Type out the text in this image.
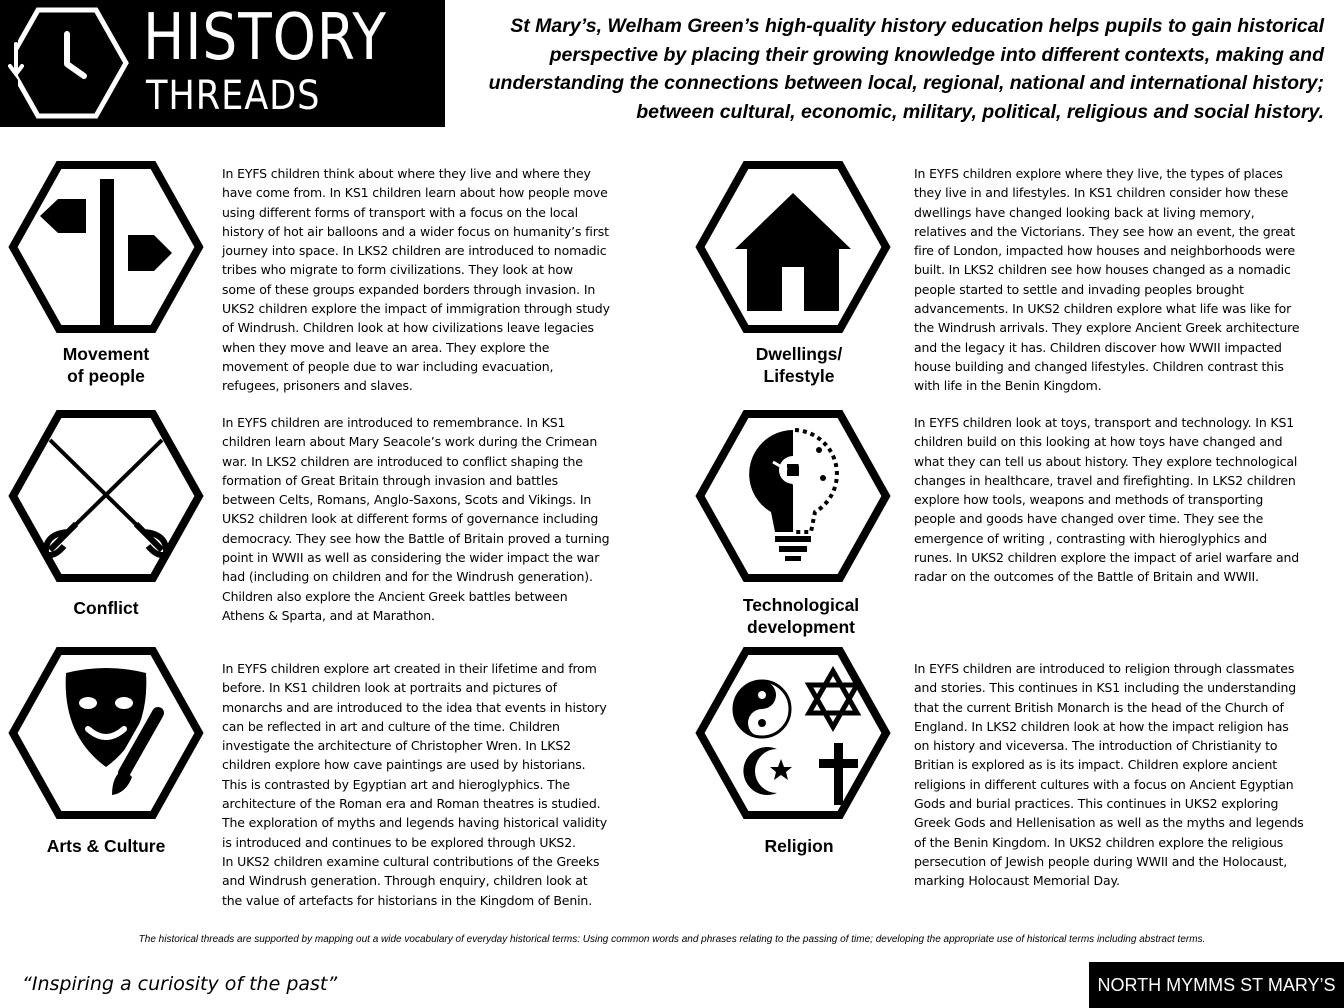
HISTORY
THREADS

St Mary’s, Welham Green’s high-quality history education helps pupils to gain historical perspective by placing their growing knowledge into different contexts, making and understanding the connections between local, regional, national and international history; between cultural, economic, military, political, religious and social history.

Movement
of people

In EYFS children think about where they live and where they
have come from. In KS1 children learn about how people move
using different forms of transport with a focus on the local
history of hot air balloons and a wider focus on humanity’s first
journey into space. In LKS2 children are introduced to nomadic
tribes who migrate to form civilizations. They look at how
some of these groups expanded borders through invasion. In
UKS2 children explore the impact of immigration through study
of Windrush. Children look at how civilizations leave legacies
when they move and leave an area. They explore the
movement of people due to war including evacuation,
refugees, prisoners and slaves.

Dwellings/
Lifestyle

In EYFS children explore where they live, the types of places
they live in and lifestyles. In KS1 children consider how these
dwellings have changed looking back at living memory,
relatives and the Victorians. They see how an event, the great
fire of London, impacted how houses and neighborhoods were
built. In LKS2 children see how houses changed as a nomadic
people started to settle and invading peoples brought
advancements. In UKS2 children explore what life was like for
the Windrush arrivals. They explore Ancient Greek architecture
and the legacy it has. Children discover how WWII impacted
house building and changed lifestyles. Children contrast this
with life in the Benin Kingdom.

Conflict

In EYFS children are introduced to remembrance. In KS1
children learn about Mary Seacole’s work during the Crimean
war. In LKS2 children are introduced to conflict shaping the
formation of Great Britain through invasion and battles
between Celts, Romans, Anglo-Saxons, Scots and Vikings. In
UKS2 children look at different forms of governance including
democracy. They see how the Battle of Britain proved a turning
point in WWII as well as considering the wider impact the war
had (including on children and for the Windrush generation).
Children also explore the Ancient Greek battles between
Athens & Sparta, and at Marathon.

Technological
development

In EYFS children look at toys, transport and technology. In KS1
children build on this looking at how toys have changed and
what they can tell us about history. They explore technological
changes in healthcare, travel and firefighting. In LKS2 children
explore how tools, weapons and methods of transporting
people and goods have changed over time. They see the
emergence of writing , contrasting with hieroglyphics and
runes. In UKS2 children explore the impact of ariel warfare and
radar on the outcomes of the Battle of Britain and WWII.

Arts & Culture

In EYFS children explore art created in their lifetime and from
before. In KS1 children look at portraits and pictures of
monarchs and are introduced to the idea that events in history
can be reflected in art and culture of the time. Children
investigate the architecture of Christopher Wren. In LKS2
children explore how cave paintings are used by historians.
This is contrasted by Egyptian art and hieroglyphics. The
architecture of the Roman era and Roman theatres is studied.
The exploration of myths and legends having historical validity
is introduced and continues to be explored through UKS2.
In UKS2 children examine cultural contributions of the Greeks
and Windrush generation. Through enquiry, children look at
the value of artefacts for historians in the Kingdom of Benin.

Religion

In EYFS children are introduced to religion through classmates
and stories. This continues in KS1 including the understanding
that the current British Monarch is the head of the Church of
England. In LKS2 children look at how the impact religion has
on history and viceversa. The introduction of Christianity to
Britian is explored as is its impact. Children explore ancient
religions in different cultures with a focus on Ancient Egyptian
Gods and burial practices. This continues in UKS2 exploring
Greek Gods and Hellenisation as well as the myths and legends
of the Benin Kingdom. In UKS2 children explore the religious
persecution of Jewish people during WWII and the Holocaust,
marking Holocaust Memorial Day.

The historical threads are supported by mapping out a wide vocabulary of everyday historical terms: Using common words and phrases relating to the passing of time; developing the appropriate use of historical terms including abstract terms.
“Inspiring a curiosity of the past”	NORTH MYMMS ST MARY’S
